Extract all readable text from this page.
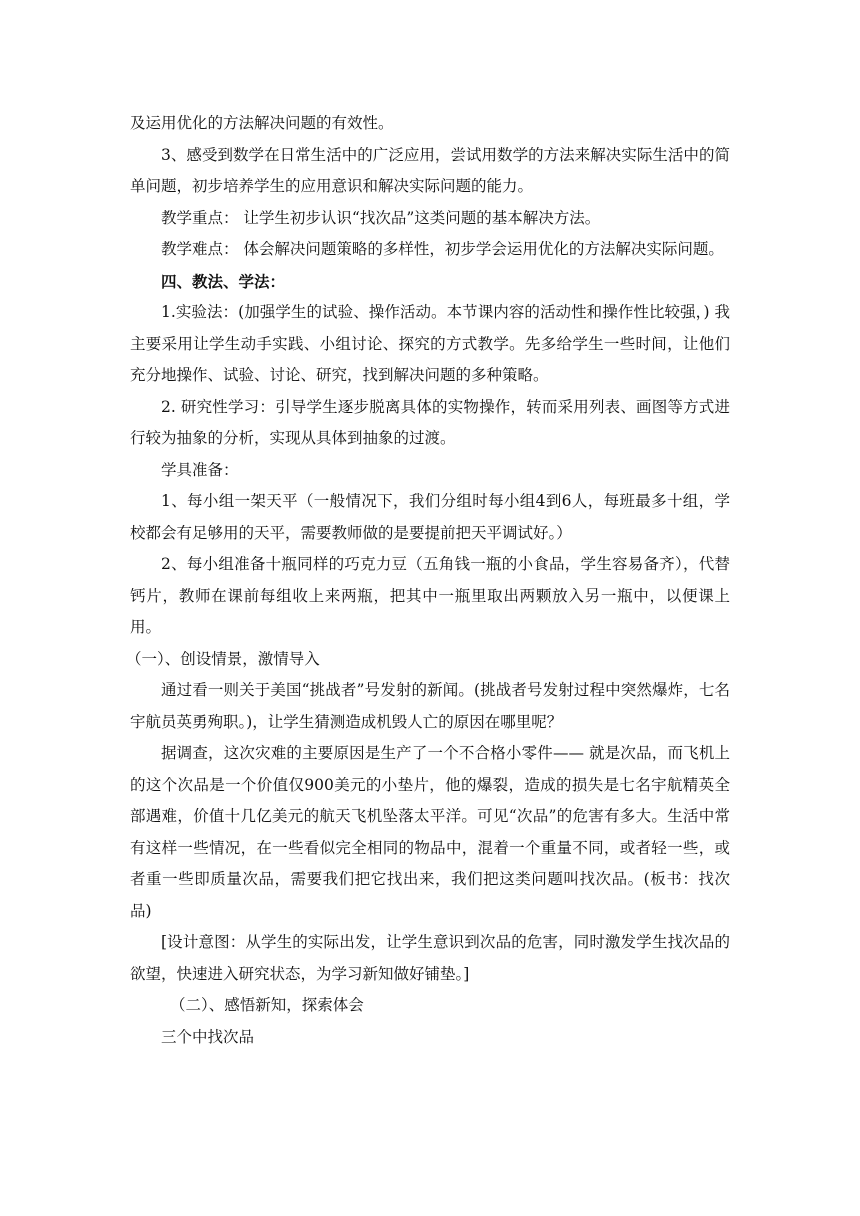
及运用优化的方法解决问题的有效性。

3、感受到数学在日常生活中的广泛应用，尝试用数学的方法来解决实际生活中的简单问题，初步培养学生的应用意识和解决实际问题的能力。

教学重点： 让学生初步认识“找次品”这类问题的基本解决方法。

教学难点： 体会解决问题策略的多样性，初步学会运用优化的方法解决实际问题。

四、教法、学法：

1.实验法：(加强学生的试验、操作活动。本节课内容的活动性和操作性比较强，) 我主要采用让学生动手实践、小组讨论、探究的方式教学。先多给学生一些时间，让他们充分地操作、试验、讨论、研究，找到解决问题的多种策略。

2. 研究性学习：引导学生逐步脱离具体的实物操作，转而采用列表、画图等方式进行较为抽象的分析，实现从具体到抽象的过渡。

学具准备：

1、每小组一架天平（一般情况下，我们分组时每小组4到6人，每班最多十组，学校都会有足够用的天平，需要教师做的是要提前把天平调试好。）

2、每小组准备十瓶同样的巧克力豆（五角钱一瓶的小食品，学生容易备齐），代替钙片，教师在课前每组收上来两瓶，把其中一瓶里取出两颗放入另一瓶中，以便课上用。

（一）、创设情景，激情导入

通过看一则关于美国“挑战者”号发射的新闻。(挑战者号发射过程中突然爆炸，七名宇航员英勇殉职。)，让学生猜测造成机毁人亡的原因在哪里呢？

据调查，这次灾难的主要原因是生产了一个不合格小零件—— 就是次品，而飞机上的这个次品是一个价值仅900美元的小垫片，他的爆裂，造成的损失是七名宇航精英全部遇难，价值十几亿美元的航天飞机坠落太平洋。可见“次品”的危害有多大。生活中常有这样一些情况，在一些看似完全相同的物品中，混着一个重量不同，或者轻一些，或者重一些即质量次品，需要我们把它找出来，我们把这类问题叫找次品。(板书：找次品)

[设计意图：从学生的实际出发，让学生意识到次品的危害，同时激发学生找次品的欲望，快速进入研究状态，为学习新知做好铺垫。]

（二）、感悟新知，探索体会

三个中找次品
